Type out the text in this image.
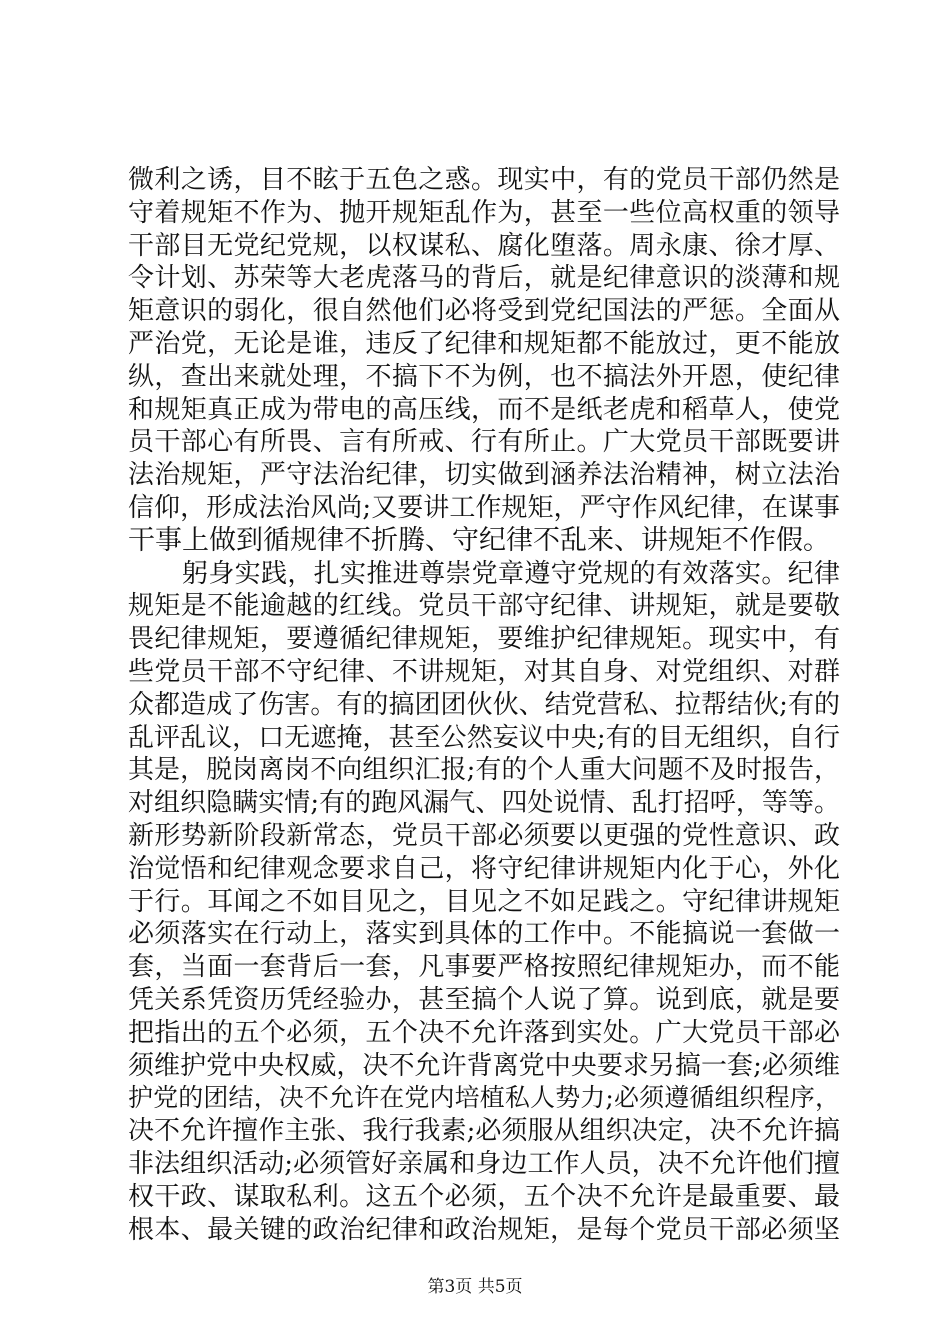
微利之诱，目不眩于五色之惑。现实中，有的党员干部仍然是
守着规矩不作为、抛开规矩乱作为，甚至一些位高权重的领导
干部目无党纪党规，以权谋私、腐化堕落。周永康、徐才厚、
令计划、苏荣等大老虎落马的背后，就是纪律意识的淡薄和规
矩意识的弱化，很自然他们必将受到党纪国法的严惩。全面从
严治党，无论是谁，违反了纪律和规矩都不能放过，更不能放
纵，查出来就处理，不搞下不为例，也不搞法外开恩，使纪律
和规矩真正成为带电的高压线，而不是纸老虎和稻草人，使党
员干部心有所畏、言有所戒、行有所止。广大党员干部既要讲
法治规矩，严守法治纪律，切实做到涵养法治精神，树立法治
信仰，形成法治风尚;又要讲工作规矩，严守作风纪律，在谋事
干事上做到循规律不折腾、守纪律不乱来、讲规矩不作假。
躬身实践，扎实推进尊崇党章遵守党规的有效落实。纪律
规矩是不能逾越的红线。党员干部守纪律、讲规矩，就是要敬
畏纪律规矩，要遵循纪律规矩，要维护纪律规矩。现实中，有
些党员干部不守纪律、不讲规矩，对其自身、对党组织、对群
众都造成了伤害。有的搞团团伙伙、结党营私、拉帮结伙;有的
乱评乱议，口无遮掩，甚至公然妄议中央;有的目无组织，自行
其是，脱岗离岗不向组织汇报;有的个人重大问题不及时报告，
对组织隐瞒实情;有的跑风漏气、四处说情、乱打招呼，等等。
新形势新阶段新常态，党员干部必须要以更强的党性意识、政
治觉悟和纪律观念要求自己，将守纪律讲规矩内化于心，外化
于行。耳闻之不如目见之，目见之不如足践之。守纪律讲规矩
必须落实在行动上，落实到具体的工作中。不能搞说一套做一
套，当面一套背后一套，凡事要严格按照纪律规矩办，而不能
凭关系凭资历凭经验办，甚至搞个人说了算。说到底，就是要
把指出的五个必须，五个决不允许落到实处。广大党员干部必
须维护党中央权威，决不允许背离党中央要求另搞一套;必须维
护党的团结，决不允许在党内培植私人势力;必须遵循组织程序，
决不允许擅作主张、我行我素;必须服从组织决定，决不允许搞
非法组织活动;必须管好亲属和身边工作人员，决不允许他们擅
权干政、谋取私利。这五个必须，五个决不允许是最重要、最
根本、最关键的政治纪律和政治规矩，是每个党员干部必须坚
第3页 共5页
